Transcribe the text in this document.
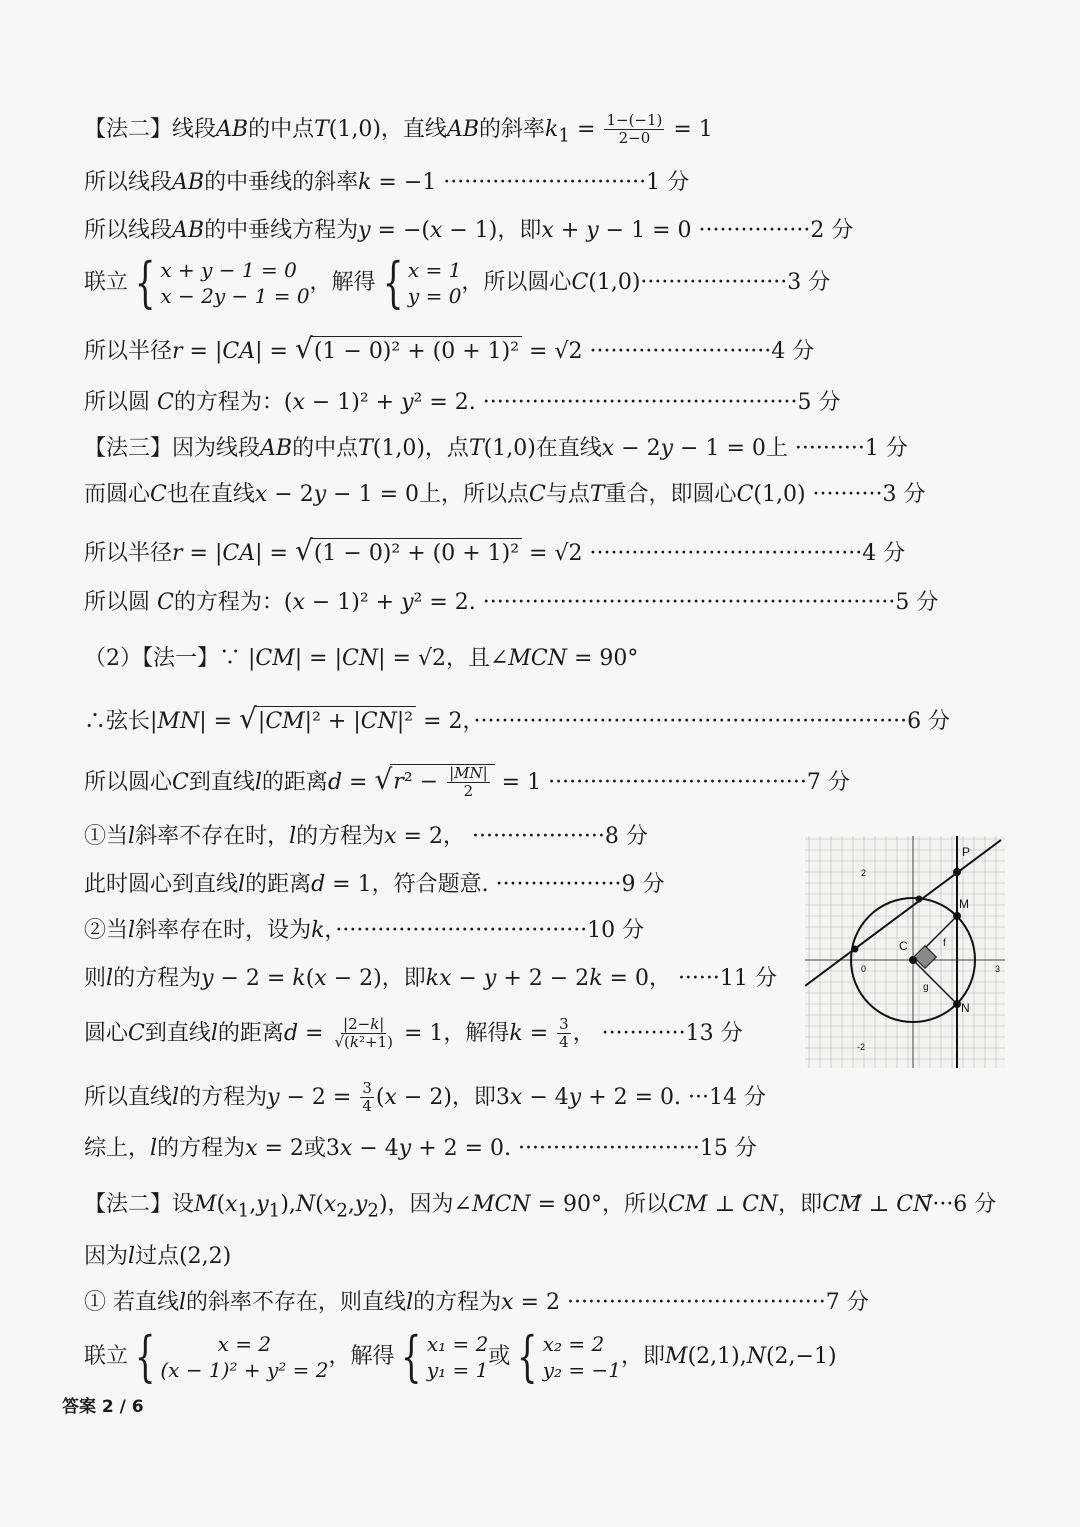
【法二】线段AB的中点T(1,0)，直线AB的斜率$k_1 = \frac{1-(-1)}{2-0} = 1$
所以线段AB的中垂线的斜率k = −1 ·····························1 分
所以线段AB的中垂线方程为y = −(x − 1)，即x + y − 1 = 0 ················2 分
联立 { x + y − 1 = 0
x − 2y − 1 = 0
，解得 { x = 1
y = 0
，所以圆心C(1,0)·····················3 分
所以半径r = |CA| = √(1 − 0)² + (0 + 1)² = √2 ··························4 分
所以圆 C的方程为：(x − 1)² + y² = 2. ·············································5 分
【法三】因为线段AB的中点T(1,0)，点T(1,0)在直线x − 2y − 1 = 0上 ··········1 分
而圆心C也在直线x − 2y − 1 = 0上，所以点C与点T重合，即圆心C(1,0) ··········3 分
所以半径r = |CA| = √(1 − 0)² + (0 + 1)² = √2 ·······································4 分
所以圆 C的方程为：(x − 1)² + y² = 2. ···························································5 分
（2）【法一】∵ |CM| = |CN| = √2，且∠MCN = 90°
∴弦长|MN| = √|CM|² + |CN|² = 2，······························································6 分
所以圆心C到直线l的距离$d = √r^2 - \frac{|MN|}{2} = 1 \cdot\cdot\cdot\cdot\cdot\cdot\cdot\cdot\cdot\cdot\cdot\cdot\cdot\cdot\cdot\cdot\cdot\cdot\cdot\cdot\cdot\cdot\cdot\cdot\cdot\cdot\cdot\cdot\cdot\cdot\cdot\cdot\cdot\cdot\cdot\cdot\cdot 7$ 分
①当l斜率不存在时，l的方程为x = 2， ···················8 分
此时圆心到直线l的距离d = 1，符合题意. ··················9 分
②当l斜率存在时，设为k，····································10 分
则l的方程为y − 2 = k(x − 2)，即kx − y + 2 − 2k = 0， ······11 分
圆心C到直线l的距离$d = \frac{|2-k|}{\text{√(k²+1)}} = 1$，解得$k = \frac{3}{4}$ ， ············13 分
所以直线l的方程为$y - 2 = \frac{3}{4} (x - 2)$，即3x − 4y + 2 = 0. ···14 分
综上，l的方程为x = 2或3x − 4y + 2 = 0. ··························15 分
【法二】设$M(x_1,y_1),N(x_2,y_2)$，因为∠MCN = 90°，所以CM ⊥ CN，即CM⃗ ⊥ CN⃗···6 分
因为l过点(2,2)
① 若直线l的斜率不存在，则直线l的方程为x = 2 ·····································7 分
联立 {	x = 2
(x − 1)² + y² = 2
，解得 { x₁ = 2
y₁ = 1
或 { x₂ = 2
y₂ = −1
，即M(2,1),N(2,−1)
P
M
N
C	f
g
2
-2
3
0
答案 2 / 6
